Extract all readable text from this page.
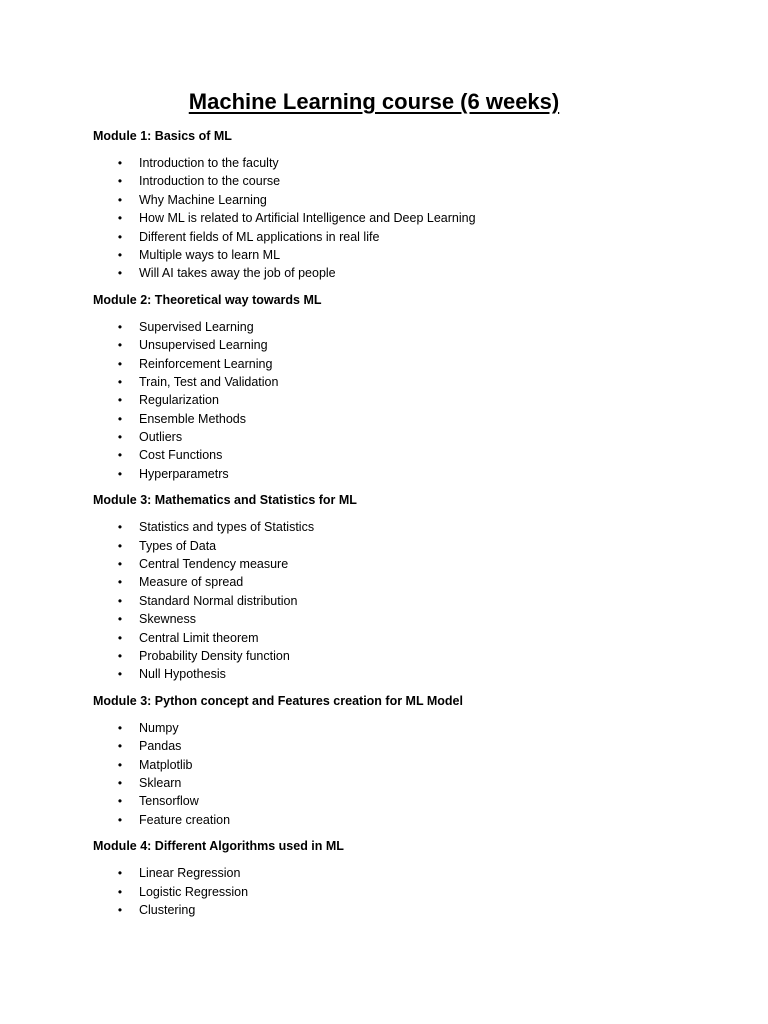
Machine Learning course (6 weeks)

Module 1: Basics of ML

• Introduction to the faculty
• Introduction to the course
• Why Machine Learning
• How ML is related to Artificial Intelligence and Deep Learning
• Different fields of ML applications in real life
• Multiple ways to learn ML
• Will AI takes away the job of people

Module 2: Theoretical way towards ML

• Supervised Learning
• Unsupervised Learning
• Reinforcement Learning
• Train, Test and Validation
• Regularization
• Ensemble Methods
• Outliers
• Cost Functions
• Hyperparametrs

Module 3: Mathematics and Statistics for ML

• Statistics and types of Statistics
• Types of Data
• Central Tendency measure
• Measure of spread
• Standard Normal distribution
• Skewness
• Central Limit theorem
• Probability Density function
• Null Hypothesis

Module 3: Python concept and Features creation for ML Model

• Numpy
• Pandas
• Matplotlib
• Sklearn
• Tensorflow
• Feature creation

Module 4: Different Algorithms used in ML

• Linear Regression
• Logistic Regression
• Clustering
